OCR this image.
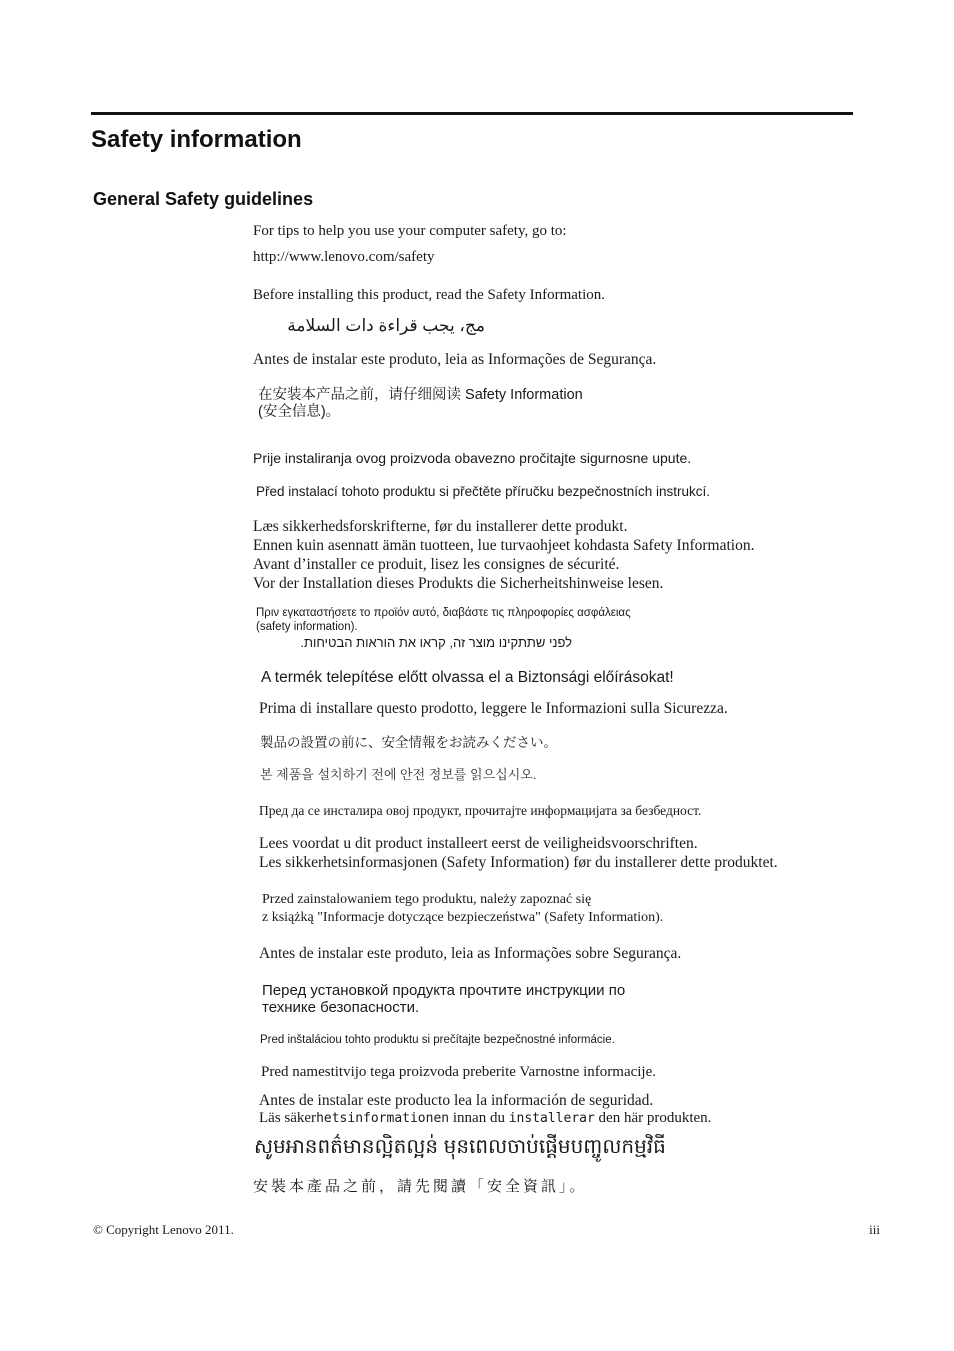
Safety information
General Safety guidelines
For tips to help you use your computer safety, go to:
http://www.lenovo.com/safety
Before installing this product, read the Safety Information.
مج، يجب قراءة دات السلامة
Antes de instalar este produto, leia as Informações de Segurança.
在安装本产品之前，请仔细阅读 Safety Information
(安全信息)。
Prije instaliranja ovog proizvoda obavezno pročitajte sigurnosne upute.
Před instalací tohoto produktu si přečtěte příručku bezpečnostních instrukcí.
Læs sikkerhedsforskrifterne, før du installerer dette produkt.
Ennen kuin asennatt ämän tuotteen, lue turvaohjeet kohdasta Safety Information.
Avant d’installer ce produit, lisez les consignes de sécurité.
Vor der Installation dieses Produkts die Sicherheitshinweise lesen.
Πριν εγκαταστήσετε το προϊόν αυτό, διαβάστε τις πληροφορίες ασφάλειας
(safety information).
לפני שתתקינו מוצר זה, קראו את הוראות הבטיחות.
A termék telepítése előtt olvassa el a Biztonsági előírásokat!
Prima di installare questo prodotto, leggere le Informazioni sulla Sicurezza.
製品の設置の前に、安全情報をお読みください。
본 제품을 설치하기 전에 안전 정보를 읽으십시오.
Пред да се инсталира овој продукт, прочитајте информацијата за безбедност.
Lees voordat u dit product installeert eerst de veiligheidsvoorschriften.
Les sikkerhetsinformasjonen (Safety Information) før du installerer dette produktet.
Przed zainstalowaniem tego produktu, należy zapoznać się
z książką "Informacje dotyczące bezpieczeństwa" (Safety Information).
Antes de instalar este produto, leia as Informações sobre Segurança.
Перед установкой продукта прочтите инструкции по
технике безопасности.
Pred inštaláciou tohto produktu si prečítajte bezpečnostné informácie.
Pred namestitvijo tega proizvoda preberite Varnostne informacije.
Antes de instalar este producto lea la información de seguridad.
Läs säkerhetsinformationen innan du installerar den här produkten.
សូមអានពត៌មានល្អិតល្អន់ មុនពេលចាប់ផ្តើមបញ្ចូលកម្មវិធី
安裝本產品之前，請先閱讀「安全資訊」。
© Copyright Lenovo 2011.	iii
